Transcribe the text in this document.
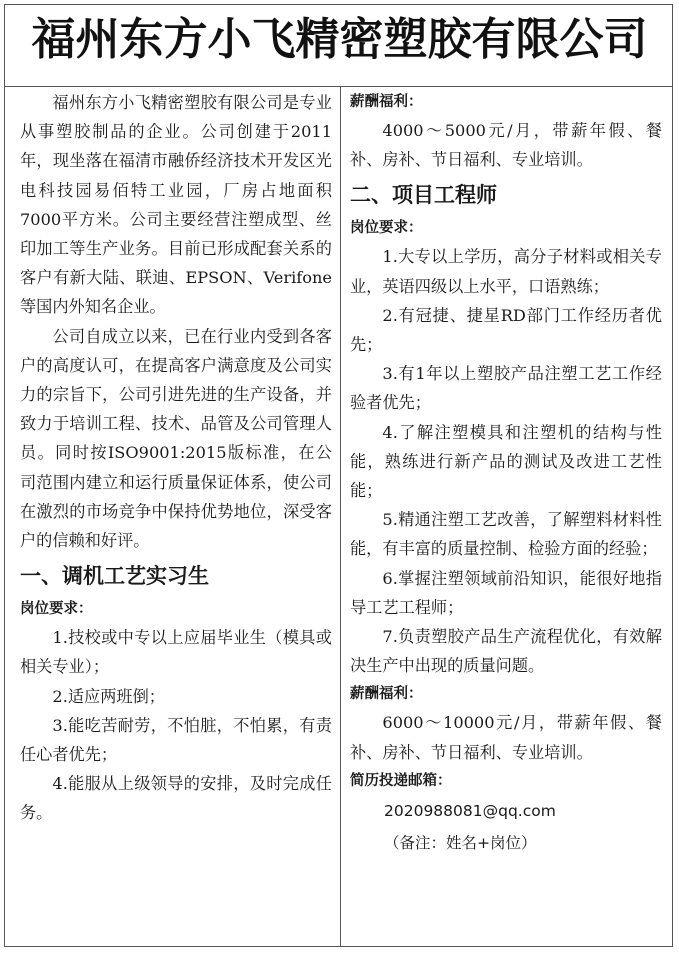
福州东方小飞精密塑胶有限公司

福州东方小飞精密塑胶有限公司是专业从事塑胶制品的企业。公司创建于2011年，现坐落在福清市融侨经济技术开发区光电科技园易佰特工业园，厂房占地面积7000平方米。公司主要经营注塑成型、丝印加工等生产业务。目前已形成配套关系的客户有新大陆、联迪、EPSON、Verifone等国内外知名企业。

公司自成立以来，已在行业内受到各客户的高度认可，在提高客户满意度及公司实力的宗旨下，公司引进先进的生产设备，并致力于培训工程、技术、品管及公司管理人员。同时按ISO9001:2015版标准，在公司范围内建立和运行质量保证体系，使公司在激烈的市场竞争中保持优势地位，深受客户的信赖和好评。

一、调机工艺实习生
岗位要求：

1.技校或中专以上应届毕业生（模具或相关专业）；

2.适应两班倒；

3.能吃苦耐劳，不怕脏，不怕累，有责任心者优先；

4.能服从上级领导的安排，及时完成任务。

薪酬福利：

4000～5000元/月，带薪年假、餐补、房补、节日福利、专业培训。

二、项目工程师
岗位要求：

1.大专以上学历，高分子材料或相关专业，英语四级以上水平，口语熟练；

2.有冠捷、捷星RD部门工作经历者优先；

3.有1年以上塑胶产品注塑工艺工作经验者优先；

4.了解注塑模具和注塑机的结构与性能，熟练进行新产品的测试及改进工艺性能；

5.精通注塑工艺改善，了解塑料材料性能，有丰富的质量控制、检验方面的经验；

6.掌握注塑领域前沿知识，能很好地指导工艺工程师；

7.负责塑胶产品生产流程优化，有效解决生产中出现的质量问题。

薪酬福利：

6000～10000元/月，带薪年假、餐补、房补、节日福利、专业培训。

简历投递邮箱：
2020988081@qq.com
（备注：姓名+岗位）
